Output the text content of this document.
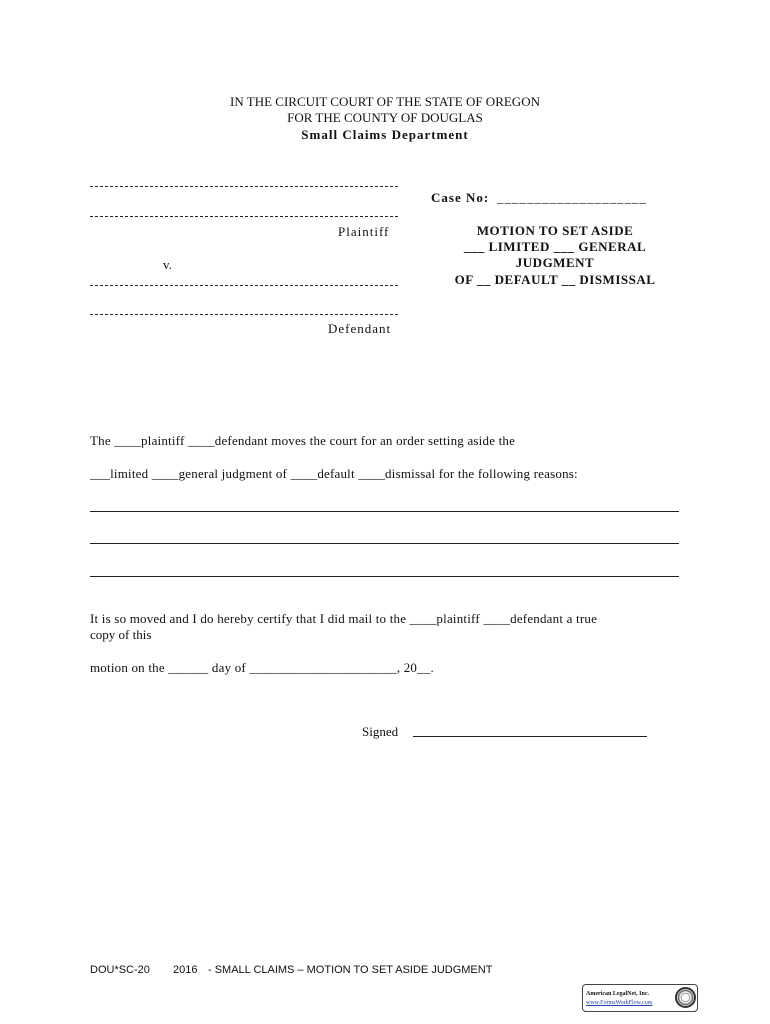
IN THE CIRCUIT COURT OF THE STATE OF OREGON
FOR THE COUNTY OF DOUGLAS
Small Claims Department
Plaintiff
v.
Defendant
Case No: ____________________
MOTION TO SET ASIDE
___ LIMITED ___ GENERAL
JUDGMENT
OF __ DEFAULT __ DISMISSAL
The ____plaintiff ____defendant moves the court for an order setting aside the
___limited ____general judgment of ____default ____dismissal for the following reasons:
It is so moved and I do hereby certify that I did mail to the ____plaintiff ____defendant a true
copy of this
motion on the ______ day of ______________________, 20__.
Signed
DOU*SC-20 2016 - SMALL CLAIMS – MOTION TO SET ASIDE JUDGMENT
American LegalNet, Inc.
www.FormsWorkFlow.com
